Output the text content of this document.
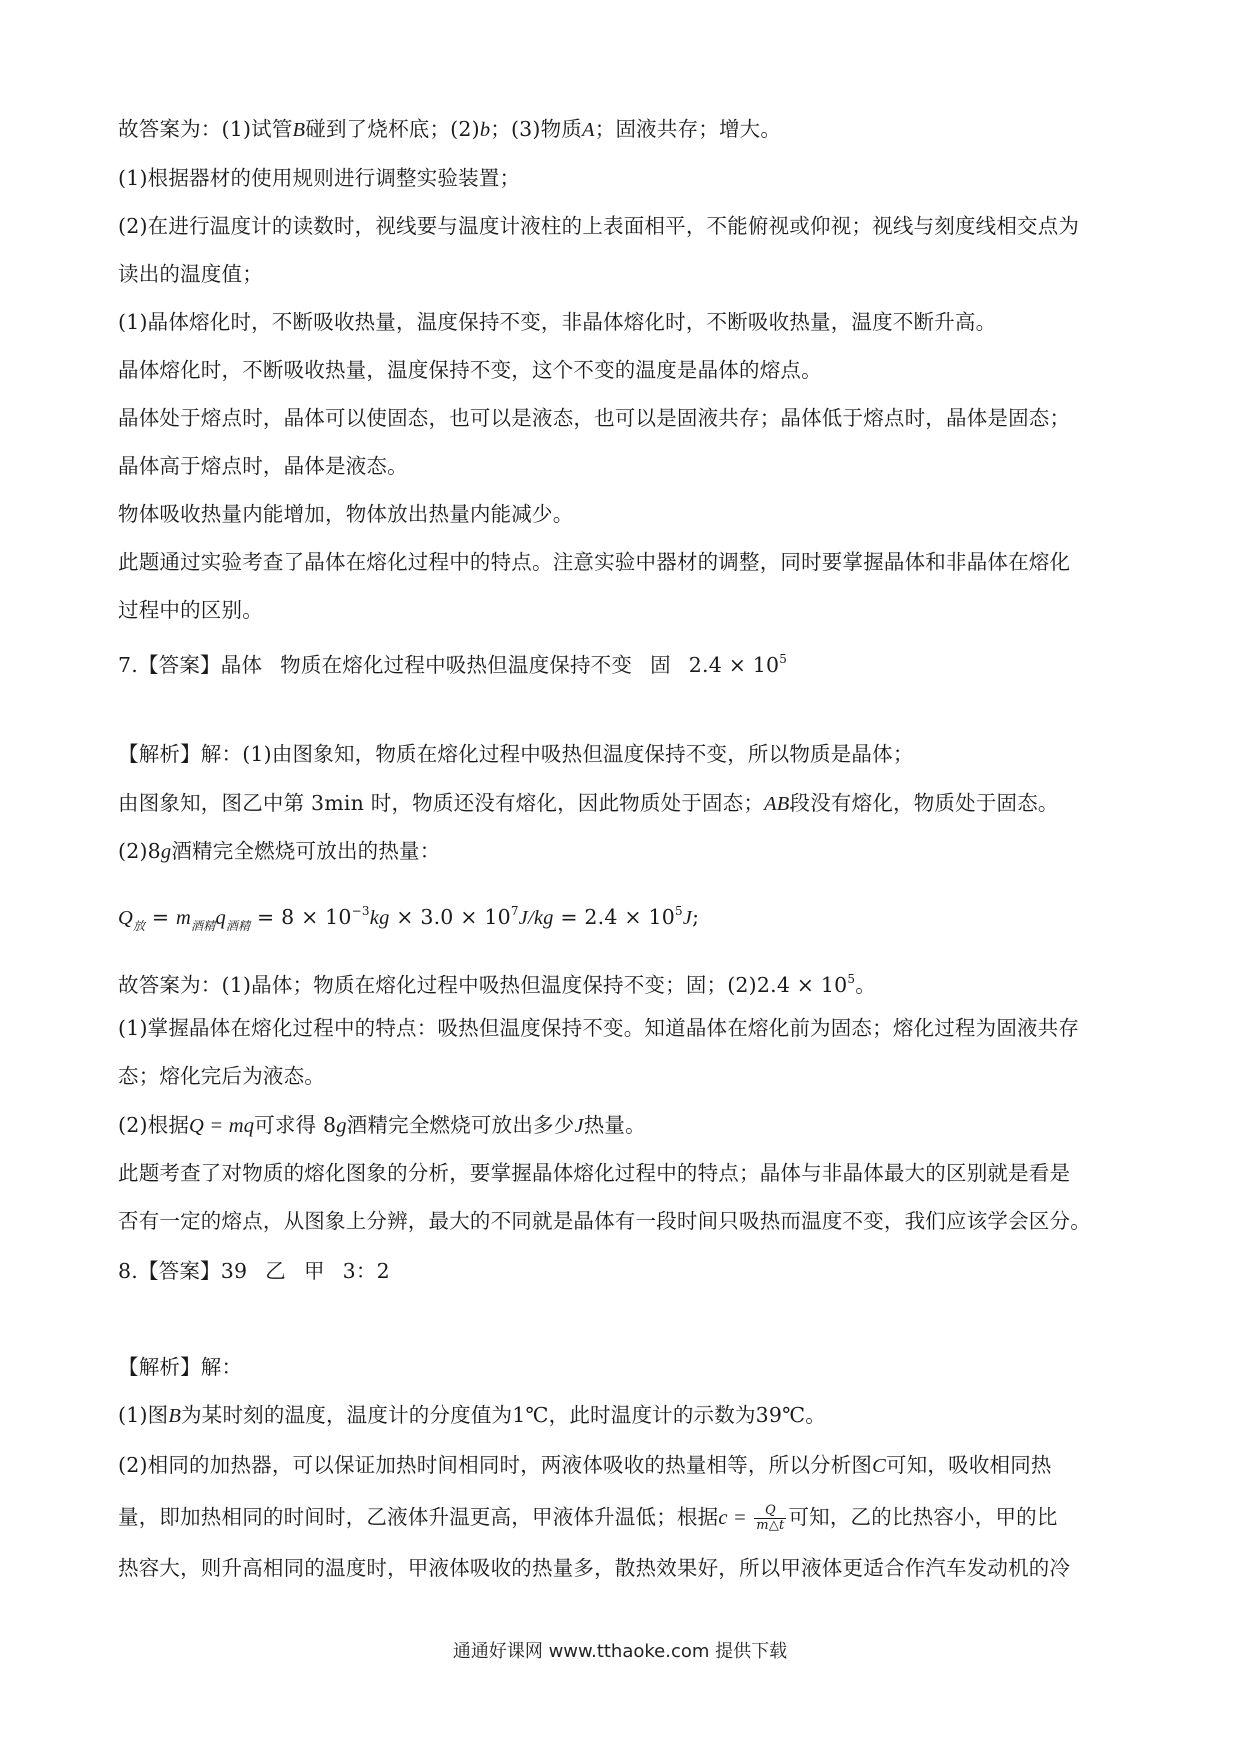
故答案为：(1)试管B碰到了烧杯底；(2)b；(3)物质A；固液共存；增大。
(1)根据器材的使用规则进行调整实验装置；
(2)在进行温度计的读数时，视线要与温度计液柱的上表面相平，不能俯视或仰视；视线与刻度线相交点为
读出的温度值；
(1)晶体熔化时，不断吸收热量，温度保持不变，非晶体熔化时，不断吸收热量，温度不断升高。
晶体熔化时，不断吸收热量，温度保持不变，这个不变的温度是晶体的熔点。
晶体处于熔点时，晶体可以使固态，也可以是液态，也可以是固液共存；晶体低于熔点时，晶体是固态；
晶体高于熔点时，晶体是液态。
物体吸收热量内能增加，物体放出热量内能减少。
此题通过实验考查了晶体在熔化过程中的特点。注意实验中器材的调整，同时要掌握晶体和非晶体在熔化
过程中的区别。
7.【答案】晶体 物质在熔化过程中吸热但温度保持不变 固 $2.4 \times 10^5$
【解析】解：(1)由图象知，物质在熔化过程中吸热但温度保持不变，所以物质是晶体；
由图象知，图乙中第 3min 时，物质还没有熔化，因此物质处于固态；AB段没有熔化，物质处于固态。
(2)8g酒精完全燃烧可放出的热量：
$Q_放 = m_{酒精}q_{酒精} = 8 \times 10^{-3}kg \times 3.0 \times 10^7J/kg = 2.4 \times 10^5J$;
故答案为：(1)晶体；物质在熔化过程中吸热但温度保持不变；固；$(2)2.4 \times 10^5$。
(1)掌握晶体在熔化过程中的特点：吸热但温度保持不变。知道晶体在熔化前为固态；熔化过程为固液共存
态；熔化完后为液态。
(2)根据Q = mq可求得 8g酒精完全燃烧可放出多少J热量。
此题考查了对物质的熔化图象的分析，要掌握晶体熔化过程中的特点；晶体与非晶体最大的区别就是看是
否有一定的熔点，从图象上分辨，最大的不同就是晶体有一段时间只吸热而温度不变，我们应该学会区分。
8.【答案】39 乙 甲 3：2
【解析】解：
(1)图B为某时刻的温度，温度计的分度值为1℃，此时温度计的示数为39℃。
(2)相同的加热器，可以保证加热时间相同时，两液体吸收的热量相等，所以分析图C可知，吸收相同热
量，即加热相同的时间时，乙液体升温更高，甲液体升温低；根据$c = \frac{Q}{m\triangle t}$ 可知，乙的比热容小，甲的比
热容大，则升高相同的温度时，甲液体吸收的热量多，散热效果好，所以甲液体更适合作汽车发动机的冷
通通好课网 www.tthaoke.com 提供下载
